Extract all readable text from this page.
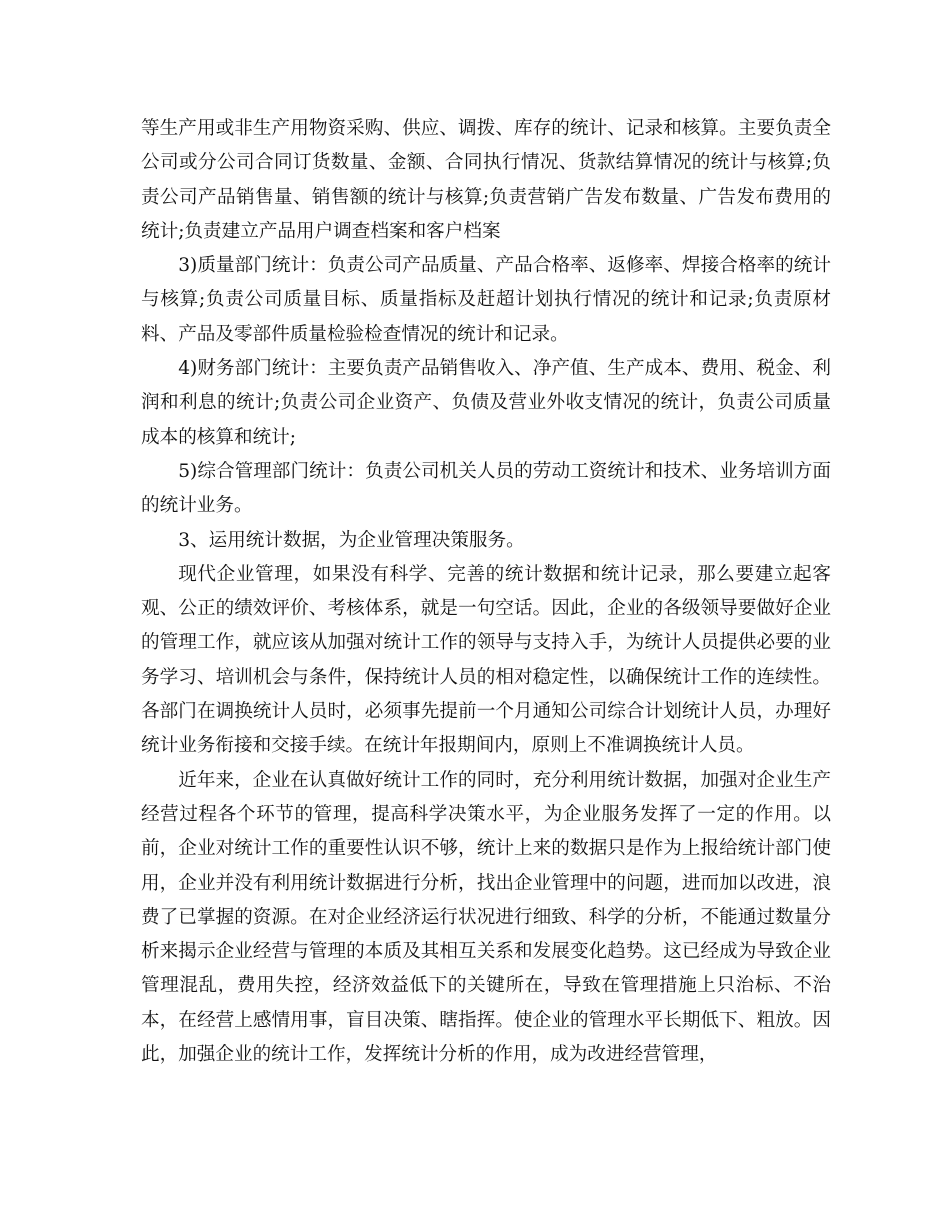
等生产用或非生产用物资采购、供应、调拨、库存的统计、记录和核算。主要负责全公司或分公司合同订货数量、金额、合同执行情况、货款结算情况的统计与核算;负责公司产品销售量、销售额的统计与核算;负责营销广告发布数量、广告发布费用的统计;负责建立产品用户调查档案和客户档案

3)质量部门统计：负责公司产品质量、产品合格率、返修率、焊接合格率的统计与核算;负责公司质量目标、质量指标及赶超计划执行情况的统计和记录;负责原材料、产品及零部件质量检验检查情况的统计和记录。

4)财务部门统计：主要负责产品销售收入、净产值、生产成本、费用、税金、利润和利息的统计;负责公司企业资产、负债及营业外收支情况的统计，负责公司质量成本的核算和统计;

5)综合管理部门统计：负责公司机关人员的劳动工资统计和技术、业务培训方面的统计业务。

3、运用统计数据，为企业管理决策服务。

现代企业管理，如果没有科学、完善的统计数据和统计记录，那么要建立起客观、公正的绩效评价、考核体系，就是一句空话。因此，企业的各级领导要做好企业的管理工作，就应该从加强对统计工作的领导与支持入手，为统计人员提供必要的业务学习、培训机会与条件，保持统计人员的相对稳定性，以确保统计工作的连续性。各部门在调换统计人员时，必须事先提前一个月通知公司综合计划统计人员，办理好统计业务衔接和交接手续。在统计年报期间内，原则上不准调换统计人员。

近年来，企业在认真做好统计工作的同时，充分利用统计数据，加强对企业生产经营过程各个环节的管理，提高科学决策水平，为企业服务发挥了一定的作用。以前，企业对统计工作的重要性认识不够，统计上来的数据只是作为上报给统计部门使用，企业并没有利用统计数据进行分析，找出企业管理中的问题，进而加以改进，浪费了已掌握的资源。在对企业经济运行状况进行细致、科学的分析，不能通过数量分析来揭示企业经营与管理的本质及其相互关系和发展变化趋势。这已经成为导致企业管理混乱，费用失控，经济效益低下的关键所在，导致在管理措施上只治标、不治本，在经营上感情用事，盲目决策、瞎指挥。使企业的管理水平长期低下、粗放。因此，加强企业的统计工作，发挥统计分析的作用，成为改进经营管理，
